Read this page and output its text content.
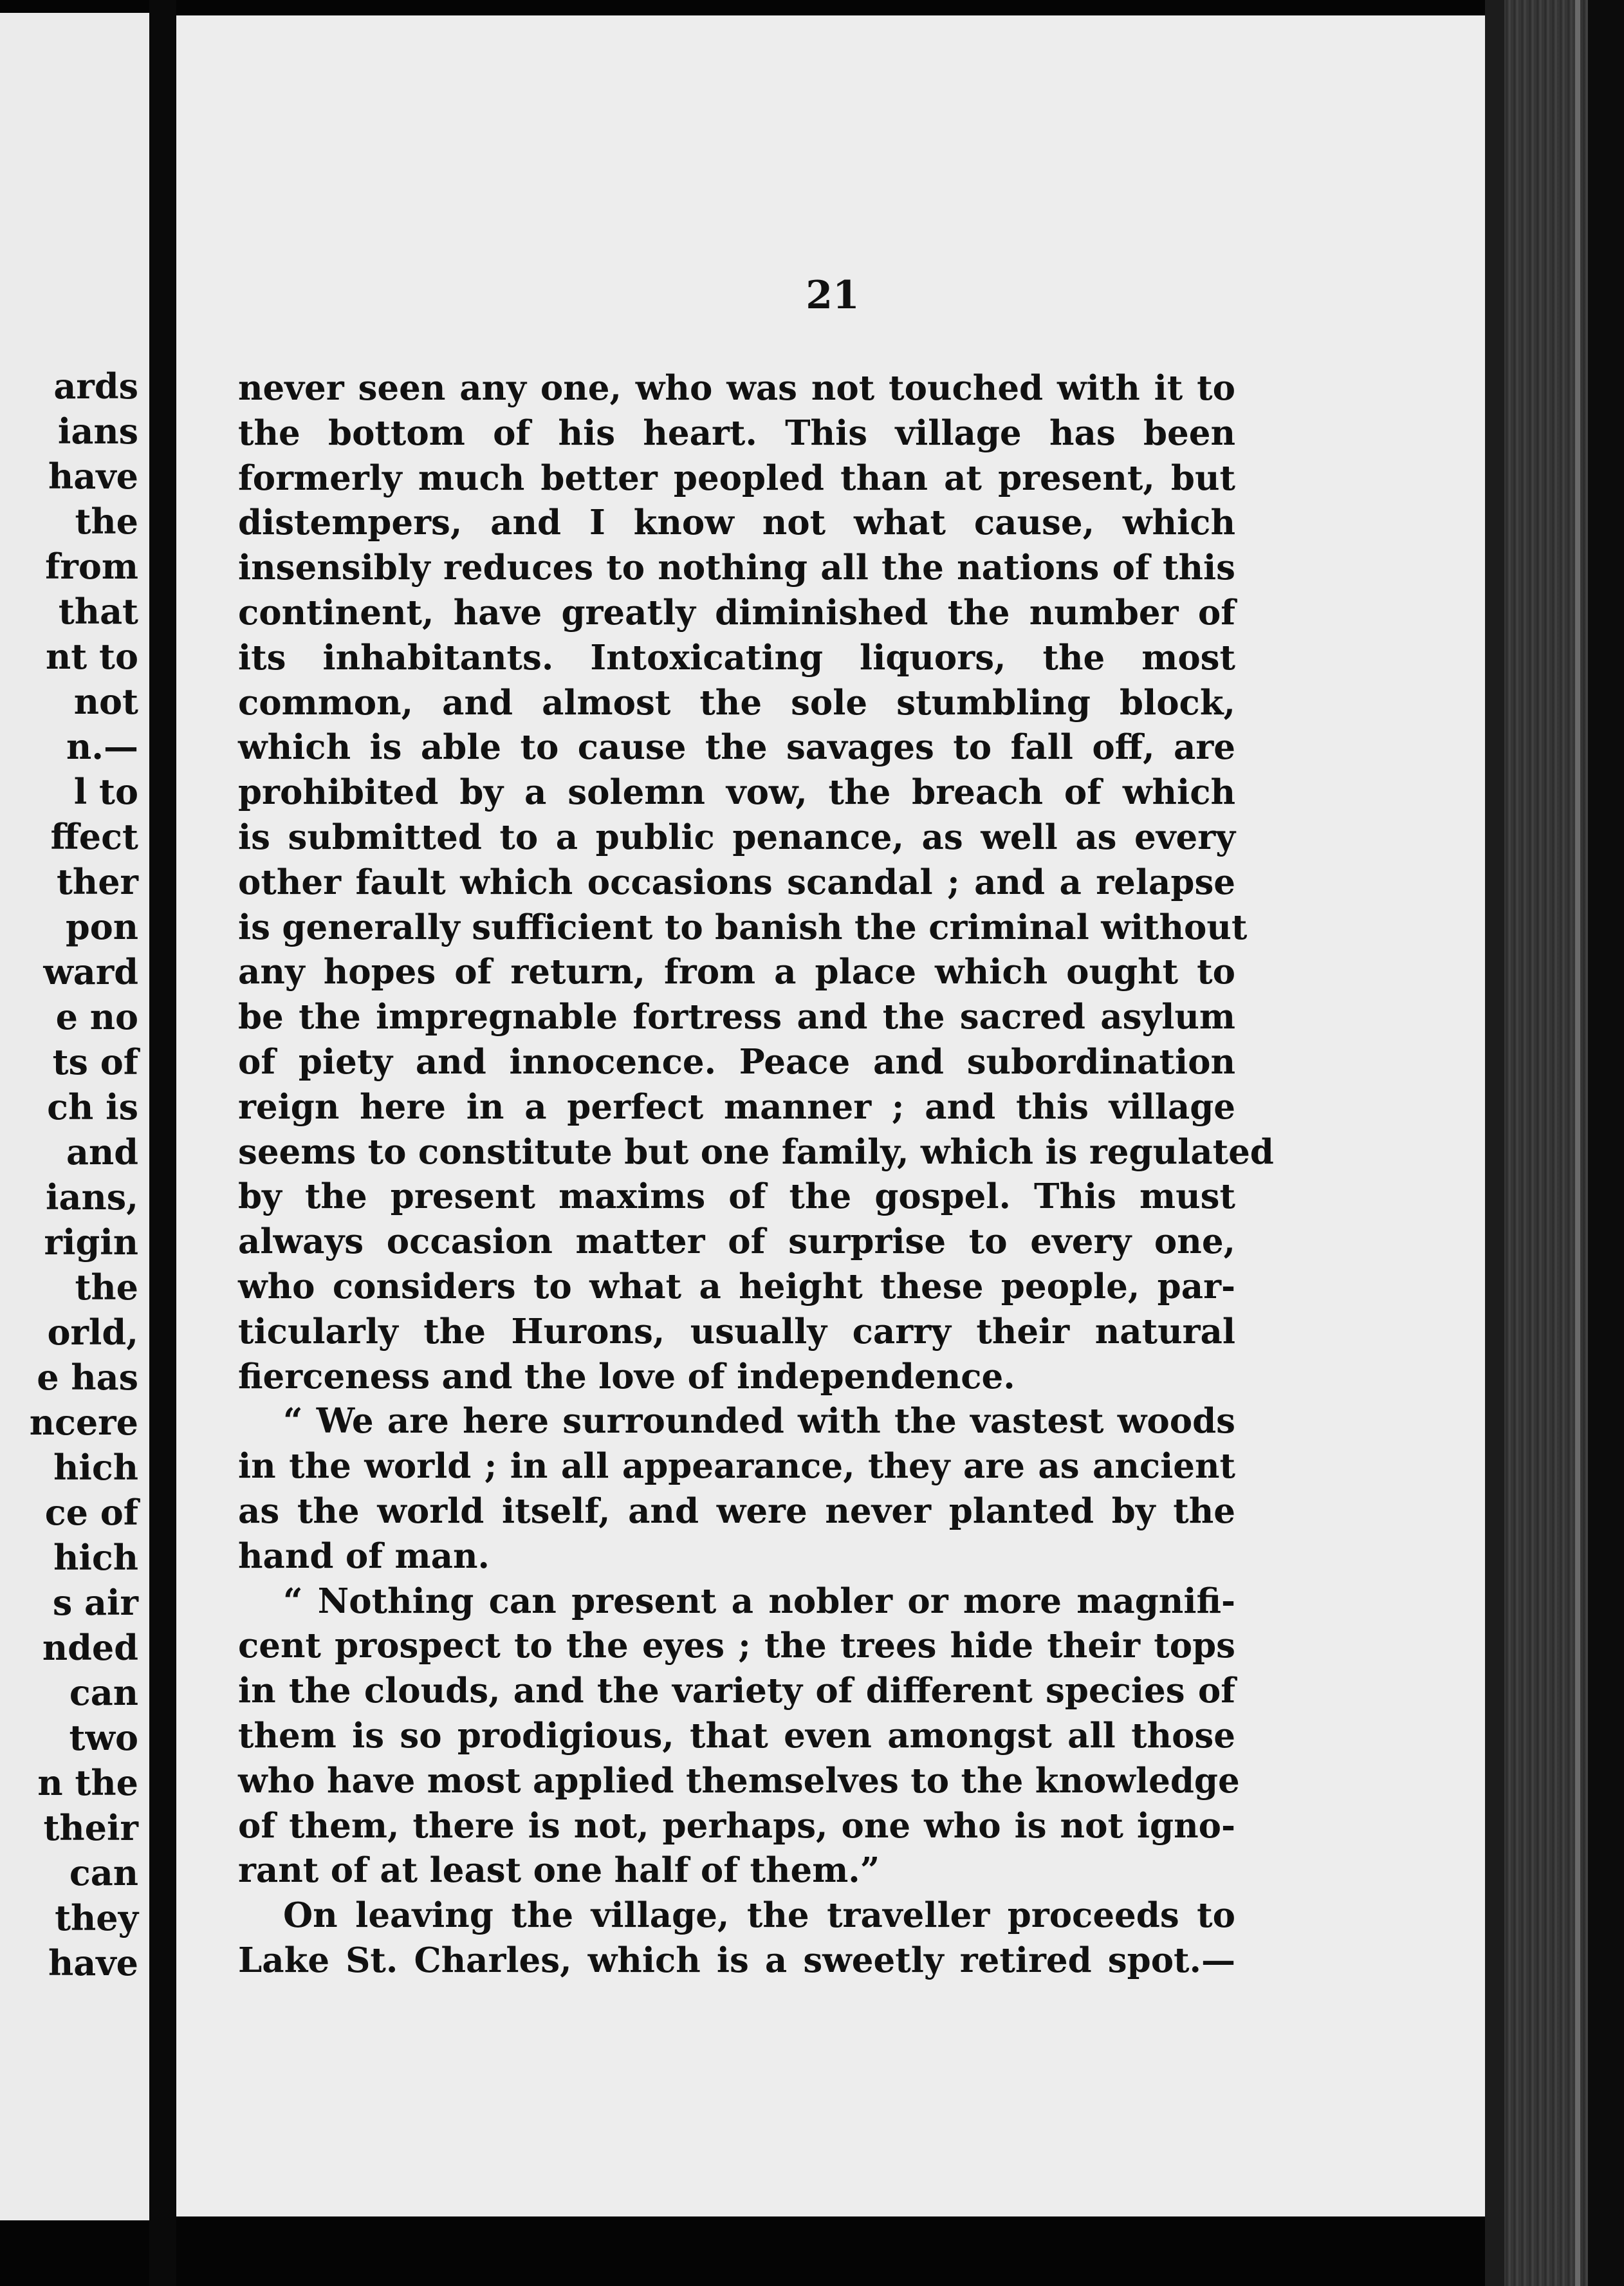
ards
ians
have
the
from
that
nt to
not
n.—
l to
ffect
ther
pon
ward
e no
ts of
ch is
and
ians,
rigin
the
orld,
e has
ncere
hich
ce of
hich
s air
nded
can
two
n the
their
can
they
have

21

never seen any one, who was not touched with it to
the bottom of his heart. This village has been
formerly much better peopled than at present, but
distempers, and I know not what cause, which
insensibly reduces to nothing all the nations of this
continent, have greatly diminished the number of
its inhabitants. Intoxicating liquors, the most
common, and almost the sole stumbling block,
which is able to cause the savages to fall off, are
prohibited by a solemn vow, the breach of which
is submitted to a public penance, as well as every
other fault which occasions scandal ; and a relapse
is generally sufficient to banish the criminal without
any hopes of return, from a place which ought to
be the impregnable fortress and the sacred asylum
of piety and innocence. Peace and subordination
reign here in a perfect manner ; and this village
seems to constitute but one family, which is regulated
by the present maxims of the gospel. This must
always occasion matter of surprise to every one,
who considers to what a height these people, par-
ticularly the Hurons, usually carry their natural
fierceness and the love of independence.
“ We are here surrounded with the vastest woods
in the world ; in all appearance, they are as ancient
as the world itself, and were never planted by the
hand of man.
“ Nothing can present a nobler or more magnifi-
cent prospect to the eyes ; the trees hide their tops
in the clouds, and the variety of different species of
them is so prodigious, that even amongst all those
who have most applied themselves to the knowledge
of them, there is not, perhaps, one who is not igno-
rant of at least one half of them.”
On leaving the village, the traveller proceeds to
Lake St. Charles, which is a sweetly retired spot.—
